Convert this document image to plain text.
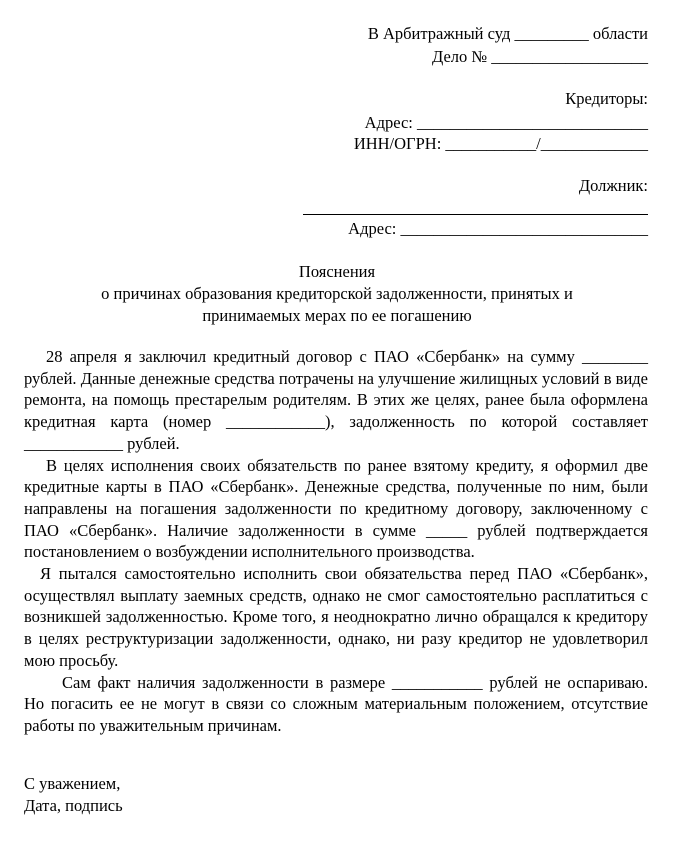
В Арбитражный суд _________ области
Дело № ___________________
Кредиторы:
Адрес: ____________________________
ИНН/ОГРН: ___________/_____________
Должник:
Адрес: ______________________________
Пояснения
о причинах образования кредиторской задолженности, принятых и
принимаемых мерах по ее погашению

28 апреля я заключил кредитный договор с ПАО «Сбербанк» на сумму ________ рублей. Данные денежные средства потрачены на улучшение жилищных условий в виде ремонта, на помощь престарелым родителям. В этих же целях, ранее была оформлена кредитная карта (номер ____________), задолженность по которой составляет ____________ рублей.

В целях исполнения своих обязательств по ранее взятому кредиту, я оформил две кредитные карты в ПАО «Сбербанк». Денежные средства, полученные по ним, были направлены на погашения задолженности по кредитному договору, заключенному с ПАО «Сбербанк». Наличие задолженности в сумме _____ рублей подтверждается постановлением о возбуждении исполнительного производства.

Я пытался самостоятельно исполнить свои обязательства перед ПАО «Сбербанк», осуществлял выплату заемных средств, однако не смог самостоятельно расплатиться с возникшей задолженностью. Кроме того, я неоднократно лично обращался к кредитору в целях реструктуризации задолженности, однако, ни разу кредитор не удовлетворил мою просьбу.

Сам факт наличия задолженности в размере ___________ рублей не оспариваю. Но погасить ее не могут в связи со сложным материальным положением, отсутствие работы по уважительным причинам.

С уважением,
Дата, подпись
